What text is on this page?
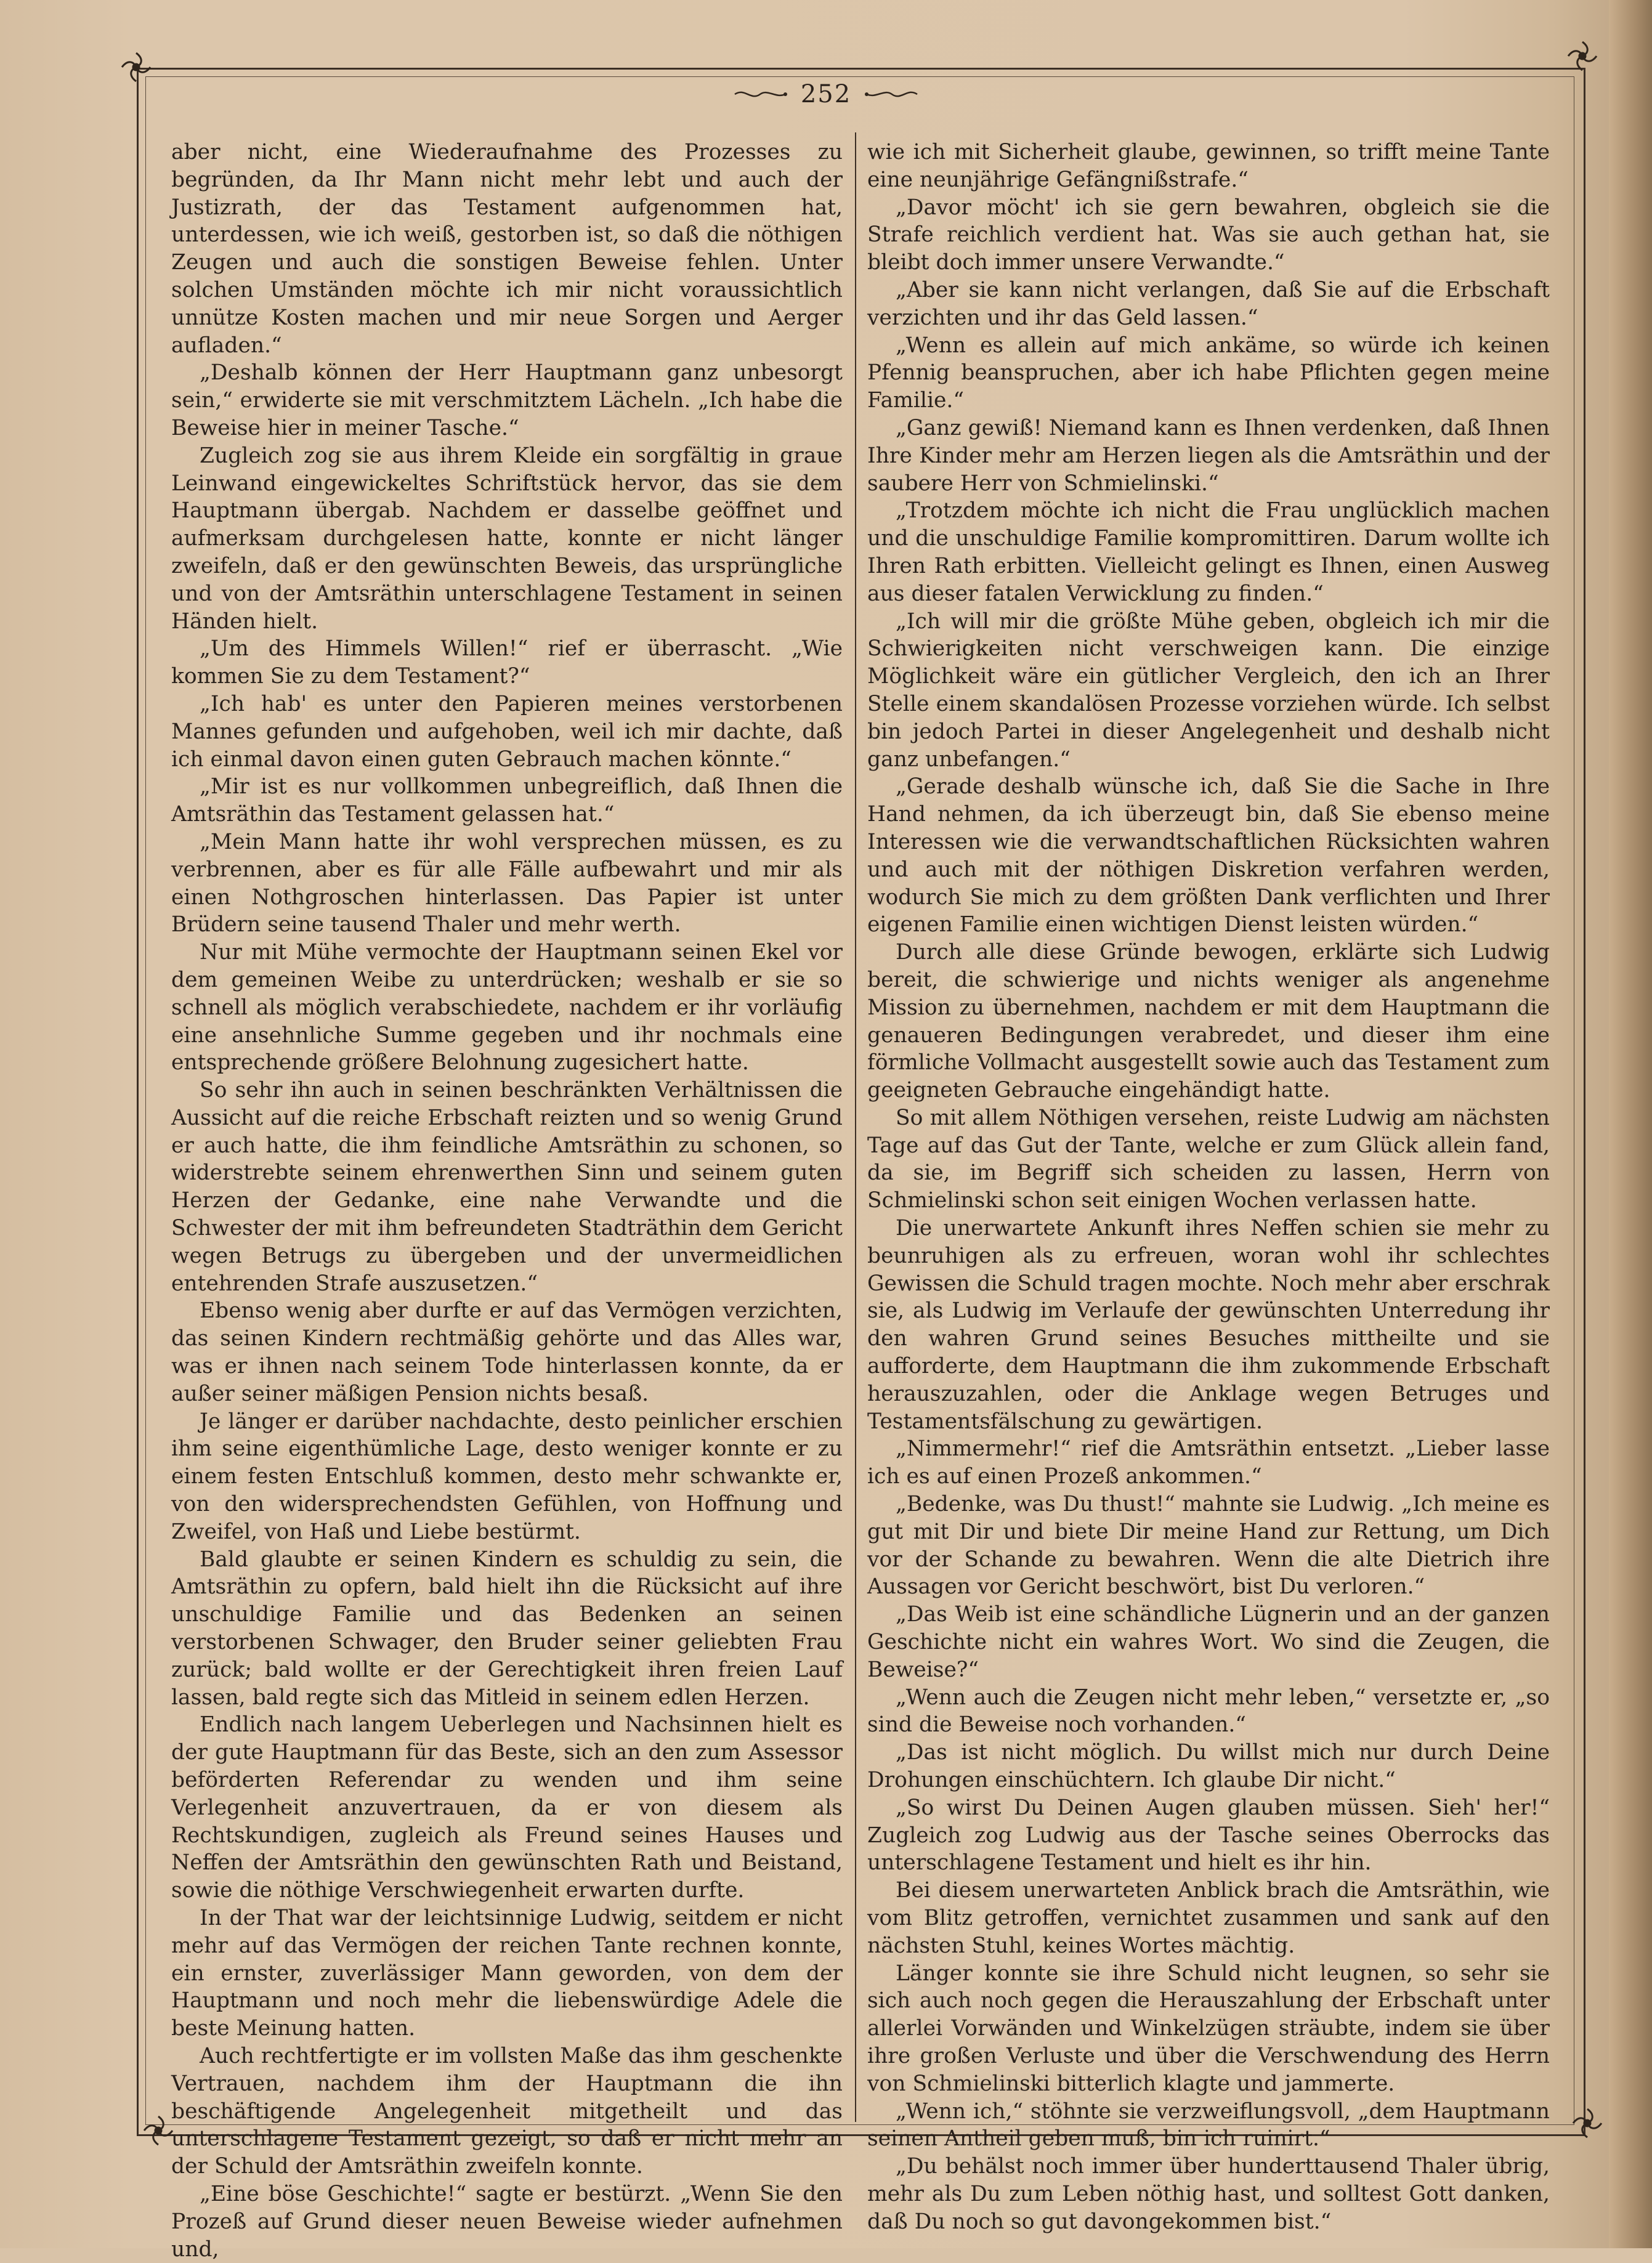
252

aber nicht, eine Wiederaufnahme des Prozesses zu begründen, da Ihr Mann nicht mehr lebt und auch der Justizrath, der das Testament aufgenommen hat, unterdessen, wie ich weiß, gestorben ist, so daß die nöthigen Zeugen und auch die sonstigen Beweise fehlen. Unter solchen Umständen möchte ich mir nicht voraussichtlich unnütze Kosten machen und mir neue Sorgen und Aerger aufladen.“

„Deshalb können der Herr Hauptmann ganz unbesorgt sein,“ erwiderte sie mit verschmitztem Lächeln. „Ich habe die Beweise hier in meiner Tasche.“

Zugleich zog sie aus ihrem Kleide ein sorgfältig in graue Leinwand eingewickeltes Schriftstück hervor, das sie dem Hauptmann übergab. Nachdem er dasselbe geöffnet und aufmerksam durchgelesen hatte, konnte er nicht länger zweifeln, daß er den gewünschten Beweis, das ursprüngliche und von der Amtsräthin unterschlagene Testament in seinen Händen hielt.

„Um des Himmels Willen!“ rief er überrascht. „Wie kommen Sie zu dem Testament?“

„Ich hab' es unter den Papieren meines verstorbenen Mannes gefunden und aufgehoben, weil ich mir dachte, daß ich einmal davon einen guten Gebrauch machen könnte.“

„Mir ist es nur vollkommen unbegreiflich, daß Ihnen die Amtsräthin das Testament gelassen hat.“

„Mein Mann hatte ihr wohl versprechen müssen, es zu verbrennen, aber es für alle Fälle aufbewahrt und mir als einen Nothgroschen hinterlassen. Das Papier ist unter Brüdern seine tausend Thaler und mehr werth.

Nur mit Mühe vermochte der Hauptmann seinen Ekel vor dem gemeinen Weibe zu unterdrücken; weshalb er sie so schnell als möglich verabschiedete, nachdem er ihr vorläufig eine ansehnliche Summe gegeben und ihr nochmals eine entsprechende größere Belohnung zugesichert hatte.

So sehr ihn auch in seinen beschränkten Verhältnissen die Aussicht auf die reiche Erbschaft reizten und so wenig Grund er auch hatte, die ihm feindliche Amtsräthin zu schonen, so widerstrebte seinem ehrenwerthen Sinn und seinem guten Herzen der Gedanke, eine nahe Verwandte und die Schwester der mit ihm befreundeten Stadträthin dem Gericht wegen Betrugs zu übergeben und der unvermeidlichen entehrenden Strafe auszusetzen.“

Ebenso wenig aber durfte er auf das Vermögen verzichten, das seinen Kindern rechtmäßig gehörte und das Alles war, was er ihnen nach seinem Tode hinterlassen konnte, da er außer seiner mäßigen Pension nichts besaß.

Je länger er darüber nachdachte, desto peinlicher erschien ihm seine eigenthümliche Lage, desto weniger konnte er zu einem festen Entschluß kommen, desto mehr schwankte er, von den widersprechendsten Gefühlen, von Hoffnung und Zweifel, von Haß und Liebe bestürmt.

Bald glaubte er seinen Kindern es schuldig zu sein, die Amtsräthin zu opfern, bald hielt ihn die Rücksicht auf ihre unschuldige Familie und das Bedenken an seinen verstorbenen Schwager, den Bruder seiner geliebten Frau zurück; bald wollte er der Gerechtigkeit ihren freien Lauf lassen, bald regte sich das Mitleid in seinem edlen Herzen.

Endlich nach langem Ueberlegen und Nachsinnen hielt es der gute Hauptmann für das Beste, sich an den zum Assessor beförderten Referendar zu wenden und ihm seine Verlegenheit anzuvertrauen, da er von diesem als Rechtskundigen, zugleich als Freund seines Hauses und Neffen der Amtsräthin den gewünschten Rath und Beistand, sowie die nöthige Verschwiegenheit erwarten durfte.

In der That war der leichtsinnige Ludwig, seitdem er nicht mehr auf das Vermögen der reichen Tante rechnen konnte, ein ernster, zuverlässiger Mann geworden, von dem der Hauptmann und noch mehr die liebenswürdige Adele die beste Meinung hatten.

Auch rechtfertigte er im vollsten Maße das ihm geschenkte Vertrauen, nachdem ihm der Hauptmann die ihn beschäftigende Angelegenheit mitgetheilt und das unterschlagene Testament gezeigt, so daß er nicht mehr an der Schuld der Amtsräthin zweifeln konnte.

„Eine böse Geschichte!“ sagte er bestürzt. „Wenn Sie den Prozeß auf Grund dieser neuen Beweise wieder aufnehmen und,

wie ich mit Sicherheit glaube, gewinnen, so trifft meine Tante eine neunjährige Gefängnißstrafe.“

„Davor möcht' ich sie gern bewahren, obgleich sie die Strafe reichlich verdient hat. Was sie auch gethan hat, sie bleibt doch immer unsere Verwandte.“

„Aber sie kann nicht verlangen, daß Sie auf die Erbschaft verzichten und ihr das Geld lassen.“

„Wenn es allein auf mich ankäme, so würde ich keinen Pfennig beanspruchen, aber ich habe Pflichten gegen meine Familie.“

„Ganz gewiß! Niemand kann es Ihnen verdenken, daß Ihnen Ihre Kinder mehr am Herzen liegen als die Amtsräthin und der saubere Herr von Schmielinski.“

„Trotzdem möchte ich nicht die Frau unglücklich machen und die unschuldige Familie kompromittiren. Darum wollte ich Ihren Rath erbitten. Vielleicht gelingt es Ihnen, einen Ausweg aus dieser fatalen Verwicklung zu finden.“

„Ich will mir die größte Mühe geben, obgleich ich mir die Schwierigkeiten nicht verschweigen kann. Die einzige Möglichkeit wäre ein gütlicher Vergleich, den ich an Ihrer Stelle einem skandalösen Prozesse vorziehen würde. Ich selbst bin jedoch Partei in dieser Angelegenheit und deshalb nicht ganz unbefangen.“

„Gerade deshalb wünsche ich, daß Sie die Sache in Ihre Hand nehmen, da ich überzeugt bin, daß Sie ebenso meine Interessen wie die verwandtschaftlichen Rücksichten wahren und auch mit der nöthigen Diskretion verfahren werden, wodurch Sie mich zu dem größten Dank verflichten und Ihrer eigenen Familie einen wichtigen Dienst leisten würden.“

Durch alle diese Gründe bewogen, erklärte sich Ludwig bereit, die schwierige und nichts weniger als angenehme Mission zu übernehmen, nachdem er mit dem Hauptmann die genaueren Bedingungen verabredet, und dieser ihm eine förmliche Vollmacht ausgestellt sowie auch das Testament zum geeigneten Gebrauche eingehändigt hatte.

So mit allem Nöthigen versehen, reiste Ludwig am nächsten Tage auf das Gut der Tante, welche er zum Glück allein fand, da sie, im Begriff sich scheiden zu lassen, Herrn von Schmielinski schon seit einigen Wochen verlassen hatte.

Die unerwartete Ankunft ihres Neffen schien sie mehr zu beunruhigen als zu erfreuen, woran wohl ihr schlechtes Gewissen die Schuld tragen mochte. Noch mehr aber erschrak sie, als Ludwig im Verlaufe der gewünschten Unterredung ihr den wahren Grund seines Besuches mittheilte und sie aufforderte, dem Hauptmann die ihm zukommende Erbschaft herauszuzahlen, oder die Anklage wegen Betruges und Testamentsfälschung zu gewärtigen.

„Nimmermehr!“ rief die Amtsräthin entsetzt. „Lieber lasse ich es auf einen Prozeß ankommen.“

„Bedenke, was Du thust!“ mahnte sie Ludwig. „Ich meine es gut mit Dir und biete Dir meine Hand zur Rettung, um Dich vor der Schande zu bewahren. Wenn die alte Dietrich ihre Aussagen vor Gericht beschwört, bist Du verloren.“

„Das Weib ist eine schändliche Lügnerin und an der ganzen Geschichte nicht ein wahres Wort. Wo sind die Zeugen, die Beweise?“

„Wenn auch die Zeugen nicht mehr leben,“ versetzte er, „so sind die Beweise noch vorhanden.“

„Das ist nicht möglich. Du willst mich nur durch Deine Drohungen einschüchtern. Ich glaube Dir nicht.“

„So wirst Du Deinen Augen glauben müssen. Sieh' her!“ Zugleich zog Ludwig aus der Tasche seines Oberrocks das unterschlagene Testament und hielt es ihr hin.

Bei diesem unerwarteten Anblick brach die Amtsräthin, wie vom Blitz getroffen, vernichtet zusammen und sank auf den nächsten Stuhl, keines Wortes mächtig.

Länger konnte sie ihre Schuld nicht leugnen, so sehr sie sich auch noch gegen die Herauszahlung der Erbschaft unter allerlei Vorwänden und Winkelzügen sträubte, indem sie über ihre großen Verluste und über die Verschwendung des Herrn von Schmielinski bitterlich klagte und jammerte.

„Wenn ich,“ stöhnte sie verzweiflungsvoll, „dem Hauptmann seinen Antheil geben muß, bin ich ruinirt.“

„Du behälst noch immer über hunderttausend Thaler übrig, mehr als Du zum Leben nöthig hast, und solltest Gott danken, daß Du noch so gut davongekommen bist.“
